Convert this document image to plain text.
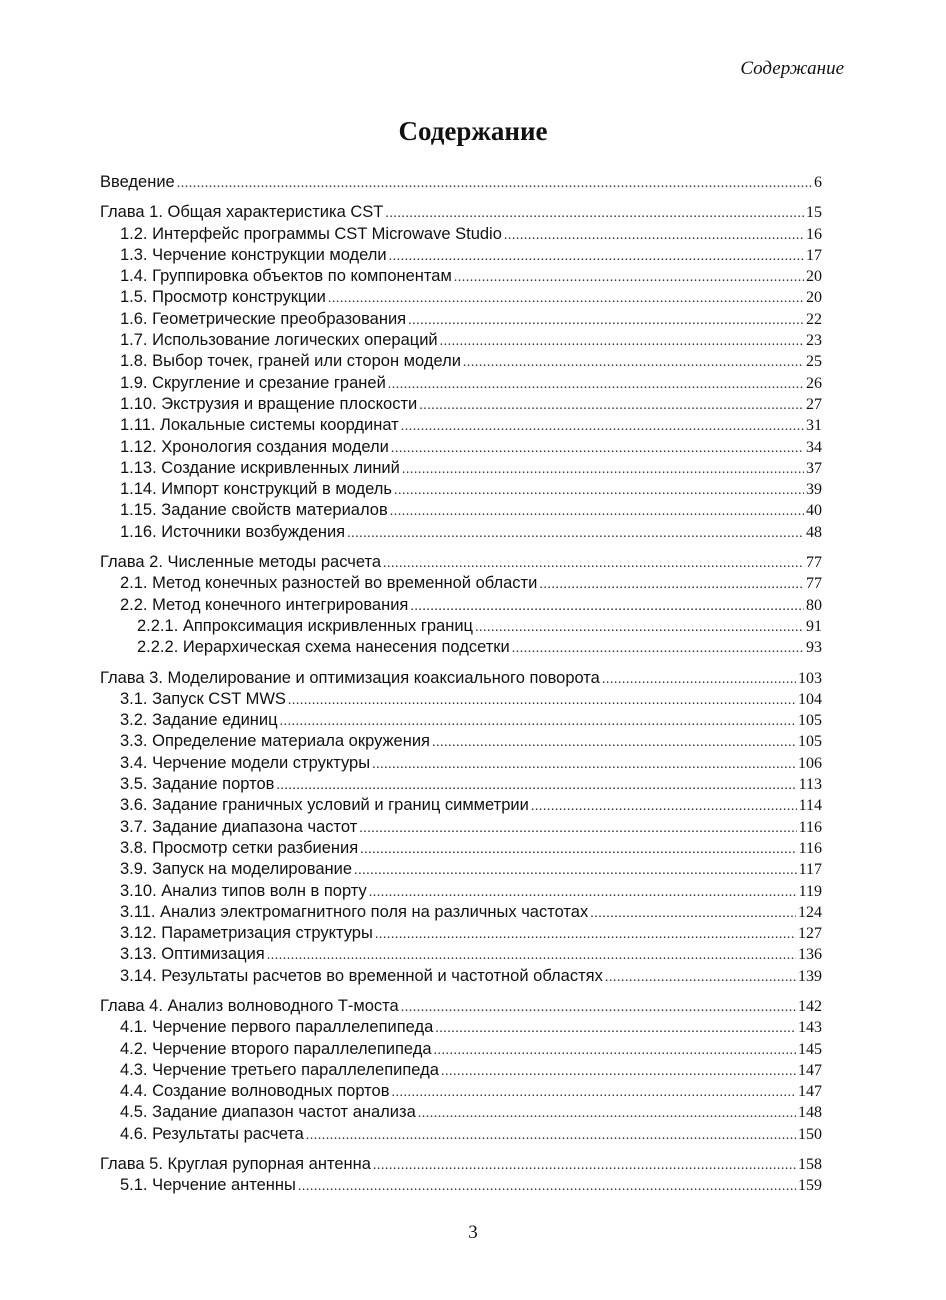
Содержание
Содержание
Введение .....	6
Глава 1. Общая характеристика CST .....	15
1.2. Интерфейс программы CST Microwave Studio .....	16
1.3. Черчение конструкции модели .....	17
1.4. Группировка объектов по компонентам .....	20
1.5. Просмотр конструкции .....	20
1.6. Геометрические преобразования .....	22
1.7. Использование логических операций .....	23
1.8. Выбор точек, граней или сторон модели .....	25
1.9. Скругление и срезание граней .....	26
1.10. Экструзия и вращение плоскости .....	27
1.11. Локальные системы координат .....	31
1.12. Хронология создания модели .....	34
1.13. Создание искривленных линий .....	37
1.14. Импорт конструкций в модель .....	39
1.15. Задание свойств материалов .....	40
1.16. Источники возбуждения .....	48
Глава 2. Численные методы расчета .....	77
2.1. Метод конечных разностей во временной области .....	77
2.2. Метод конечного интегрирования .....	80
2.2.1. Аппроксимация искривленных границ .....	91
2.2.2. Иерархическая схема нанесения подсетки .....	93
Глава 3. Моделирование и оптимизация коаксиального поворота .....	103
3.1. Запуск CST MWS .....	104
3.2. Задание единиц .....	105
3.3. Определение материала окружения .....	105
3.4. Черчение модели структуры .....	106
3.5. Задание портов .....	113
3.6. Задание граничных условий и границ симметрии .....	114
3.7. Задание диапазона частот .....	116
3.8. Просмотр сетки разбиения .....	116
3.9. Запуск на моделирование .....	117
3.10. Анализ типов волн в порту .....	119
3.11. Анализ электромагнитного поля на различных частотах .....	124
3.12. Параметризация структуры .....	127
3.13. Оптимизация .....	136
3.14. Результаты расчетов во временной и частотной областях .....	139
Глава 4. Анализ волноводного Т-моста .....	142
4.1. Черчение первого параллелепипеда .....	143
4.2. Черчение второго параллелепипеда .....	145
4.3. Черчение третьего параллелепипеда .....	147
4.4. Создание волноводных портов .....	147
4.5. Задание диапазон частот анализа .....	148
4.6. Результаты расчета .....	150
Глава 5. Круглая рупорная антенна .....	158
5.1. Черчение антенны .....	159
3
